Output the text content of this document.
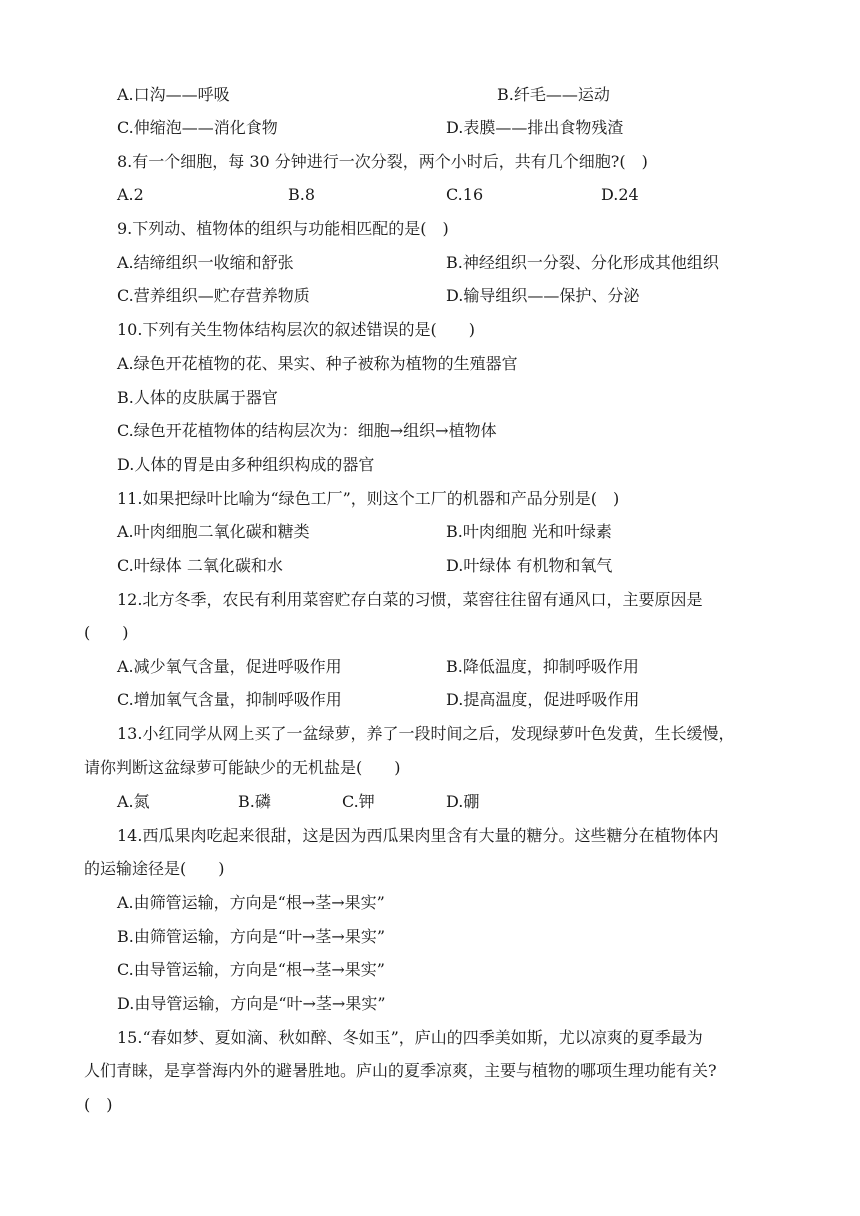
A.口沟——呼吸	B.纤毛——运动
C.伸缩泡——消化食物	D.表膜——排出食物残渣
8.有一个细胞，每 30 分钟进行一次分裂，两个小时后，共有几个细胞?(　)
A.2	B.8	C.16	D.24
9.下列动、植物体的组织与功能相匹配的是(　)
A.结缔组织一收缩和舒张	B.神经组织一分裂、分化形成其他组织
C.营养组织—贮存营养物质	D.输导组织——保护、分泌
10.下列有关生物体结构层次的叙述错误的是(　　)
A.绿色开花植物的花、果实、种子被称为植物的生殖器官
B.人体的皮肤属于器官
C.绿色开花植物体的结构层次为：细胞→组织→植物体
D.人体的胃是由多种组织构成的器官
11.如果把绿叶比喻为“绿色工厂”，则这个工厂的机器和产品分别是(　)
A.叶肉细胞二氧化碳和糖类	B.叶肉细胞 光和叶绿素
C.叶绿体 二氧化碳和水	D.叶绿体 有机物和氧气
12.北方冬季，农民有利用菜窖贮存白菜的习惯，菜窖往往留有通风口，主要原因是
(　　)
A.减少氧气含量，促进呼吸作用	B.降低温度，抑制呼吸作用
C.增加氧气含量，抑制呼吸作用	D.提高温度，促进呼吸作用
13.小红同学从网上买了一盆绿萝，养了一段时间之后，发现绿萝叶色发黄，生长缓慢，
请你判断这盆绿萝可能缺少的无机盐是(　　)
A.氮	B.磷	C.钾	D.硼
14.西瓜果肉吃起来很甜，这是因为西瓜果肉里含有大量的糖分。这些糖分在植物体内
的运输途径是(　　)
A.由筛管运输，方向是“根→茎→果实”
B.由筛管运输，方向是“叶→茎→果实”
C.由导管运输，方向是“根→茎→果实”
D.由导管运输，方向是“叶→茎→果实”
15.“春如梦、夏如滴、秋如醉、冬如玉”，庐山的四季美如斯，尤以凉爽的夏季最为
人们青睐，是享誉海内外的避暑胜地。庐山的夏季凉爽，主要与植物的哪项生理功能有关?
(　)
